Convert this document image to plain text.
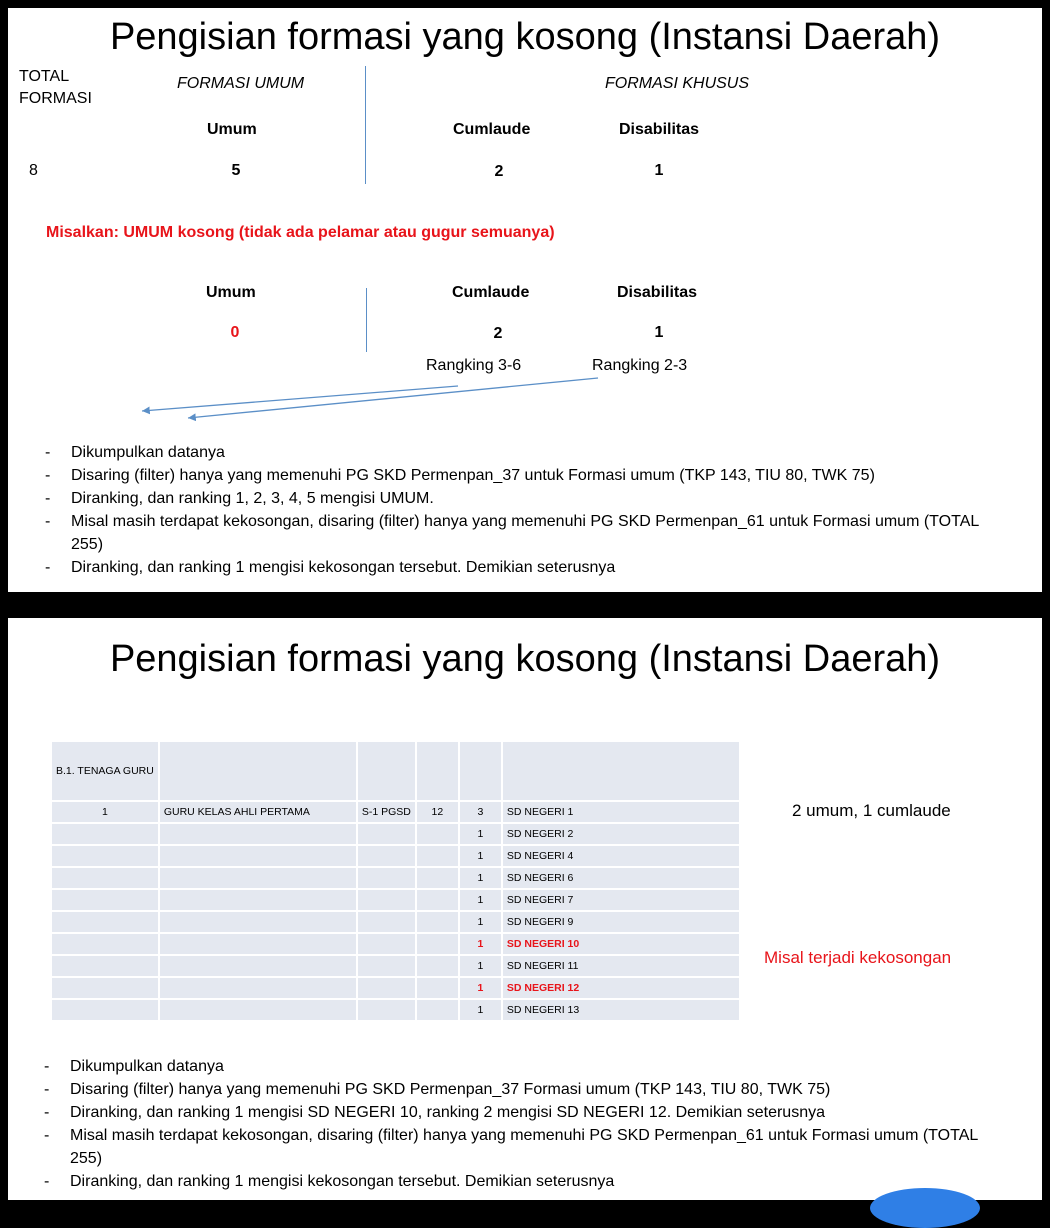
Pengisian formasi yang kosong (Instansi Daerah)
TOTAL
FORMASI
FORMASI UMUM	FORMASI KHUSUS
Umum	Cumlaude	Disabilitas
8	5	2	1
Misalkan: UMUM kosong (tidak ada pelamar atau gugur semuanya)
Umum	Cumlaude	Disabilitas
0	2	1
Rangking 3-6	Rangking 2-3
- Dikumpulkan datanya
- Disaring (filter) hanya yang memenuhi PG SKD Permenpan_37 untuk Formasi umum (TKP 143, TIU 80, TWK 75)
- Diranking, dan ranking 1, 2, 3, 4, 5 mengisi UMUM.
- Misal masih terdapat kekosongan, disaring (filter) hanya yang memenuhi PG SKD Permenpan_61 untuk Formasi umum (TOTAL 255)
- Diranking, dan ranking 1 mengisi kekosongan tersebut. Demikian seterusnya
Pengisian formasi yang kosong (Instansi Daerah)
B.1. TENAGA GURU					
1	GURU KELAS AHLI PERTAMA	S-1 PGSD	12	3	SD NEGERI 1
				1	SD NEGERI 2
				1	SD NEGERI 4
				1	SD NEGERI 6
				1	SD NEGERI 7
				1	SD NEGERI 9
				1	SD NEGERI 10
				1	SD NEGERI 11
				1	SD NEGERI 12
				1	SD NEGERI 13
2 umum, 1 cumlaude
Misal terjadi kekosongan
- Dikumpulkan datanya
- Disaring (filter) hanya yang memenuhi PG SKD Permenpan_37 Formasi umum (TKP 143, TIU 80, TWK 75)
- Diranking, dan ranking 1 mengisi SD NEGERI 10, ranking 2 mengisi SD NEGERI 12. Demikian seterusnya
- Misal masih terdapat kekosongan, disaring (filter) hanya yang memenuhi PG SKD Permenpan_61 untuk Formasi umum (TOTAL 255)
- Diranking, dan ranking 1 mengisi kekosongan tersebut. Demikian seterusnya
